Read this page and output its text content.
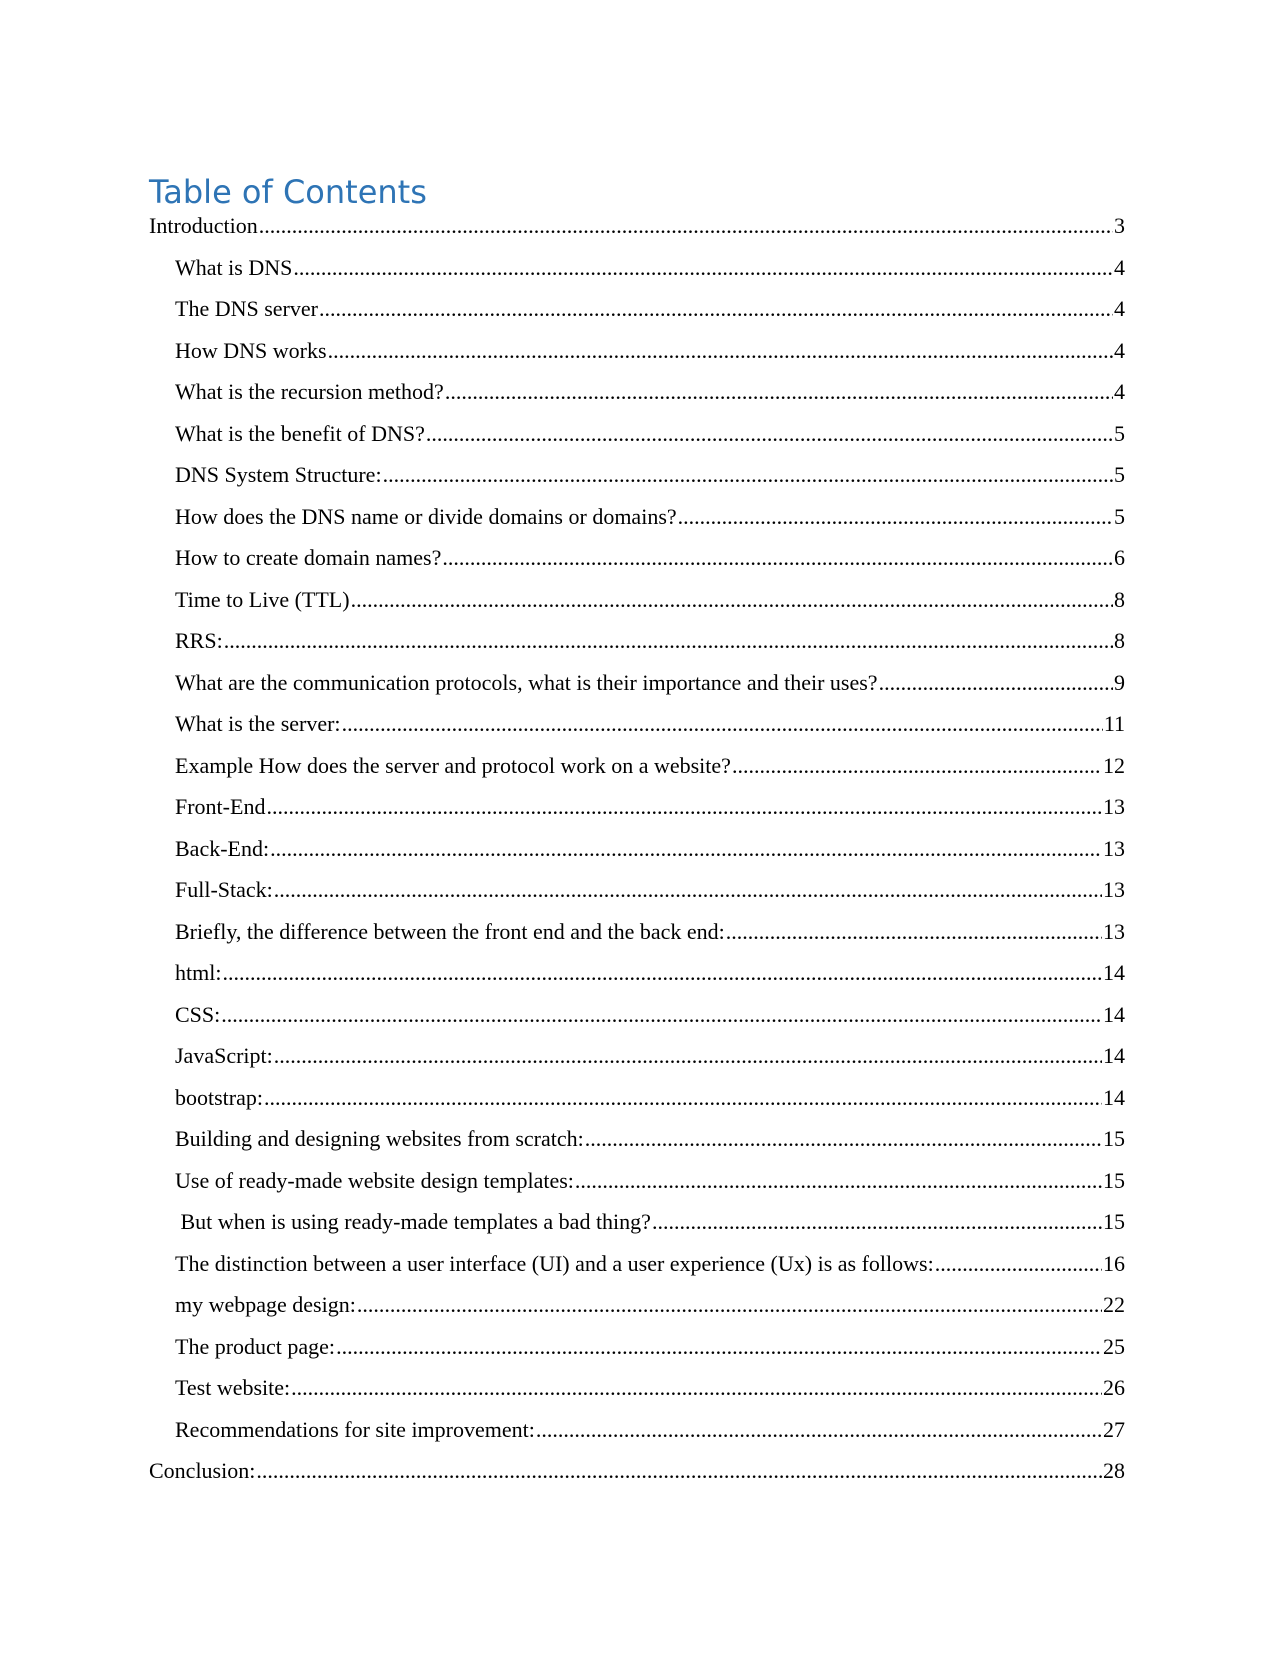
Table of Contents
Introduction .....	3
What is DNS .....	4
The DNS server .....	4
How DNS works .....	4
What is the recursion method? .....	4
What is the benefit of DNS? .....	5
DNS System Structure: .....	5
How does the DNS name or divide domains or domains? .....	5
How to create domain names? .....	6
Time to Live (TTL) .....	8
RRS: .....	8
What are the communication protocols, what is their importance and their uses? .....	9
What is the server: .....	11
Example How does the server and protocol work on a website? .....	12
Front-End .....	13
Back-End: .....	13
Full-Stack: .....	13
Briefly, the difference between the front end and the back end: .....	13
html: .....	14
CSS: .....	14
JavaScript: .....	14
bootstrap: .....	14
Building and designing websites from scratch: .....	15
Use of ready-made website design templates: .....	15
But when is using ready-made templates a bad thing? .....	15
The distinction between a user interface (UI) and a user experience (Ux) is as follows: .....	16
my webpage design: .....	22
The product page: .....	25
Test website: .....	26
Recommendations for site improvement: .....	27
Conclusion: .....	28
